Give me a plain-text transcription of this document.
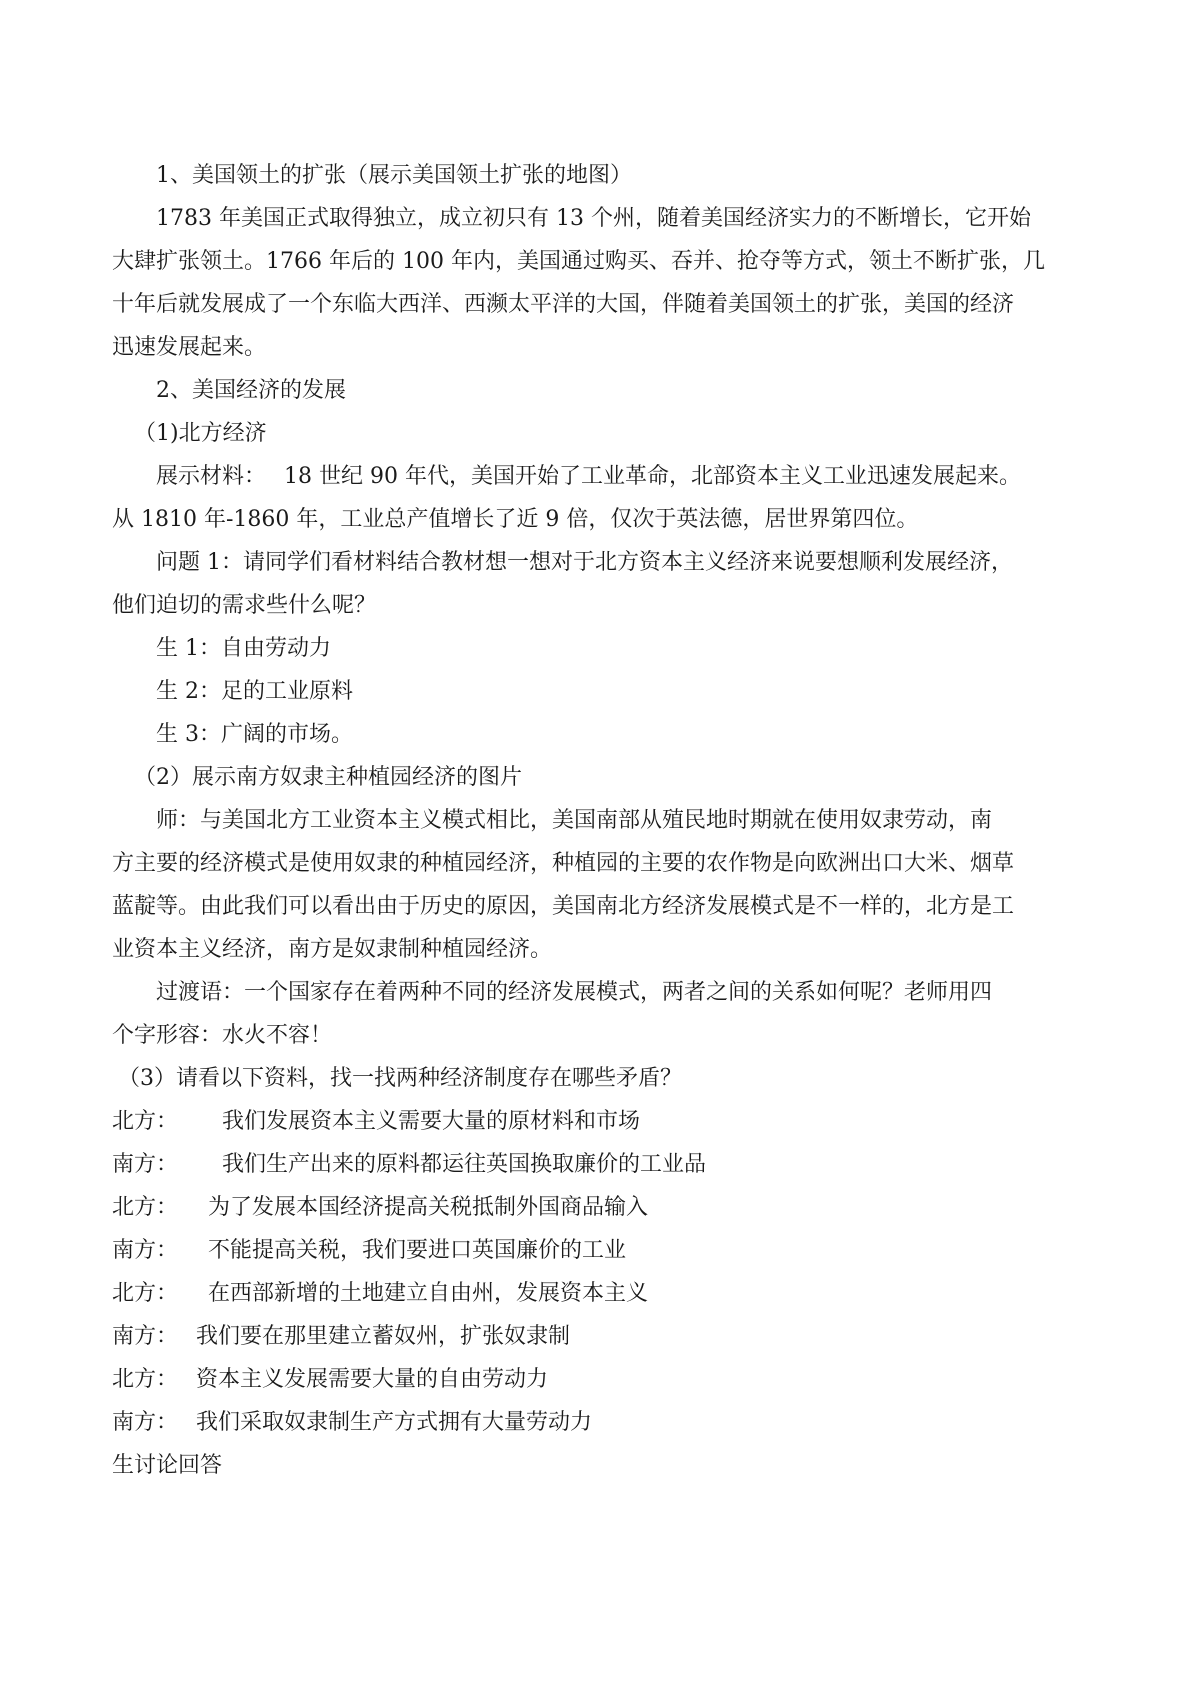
1、美国领土的扩张（展示美国领土扩张的地图）

1783 年美国正式取得独立，成立初只有 13 个州，随着美国经济实力的不断增长，它开始

大肆扩张领土。1766 年后的 100 年内，美国通过购买、吞并、抢夺等方式，领土不断扩张，几

十年后就发展成了一个东临大西洋、西濒太平洋的大国，伴随着美国领土的扩张，美国的经济

迅速发展起来。

2、美国经济的发展

（1)北方经济

展示材料：　 18 世纪 90 年代，美国开始了工业革命，北部资本主义工业迅速发展起来。

从 1810 年-1860 年，工业总产值增长了近 9 倍，仅次于英法德，居世界第四位。

问题 1：请同学们看材料结合教材想一想对于北方资本主义经济来说要想顺利发展经济，

他们迫切的需求些什么呢？

生 1：自由劳动力

生 2：足的工业原料

生 3：广阔的市场。

（2）展示南方奴隶主种植园经济的图片

师：与美国北方工业资本主义模式相比，美国南部从殖民地时期就在使用奴隶劳动，南

方主要的经济模式是使用奴隶的种植园经济，种植园的主要的农作物是向欧洲出口大米、烟草

蓝靛等。由此我们可以看出由于历史的原因，美国南北方经济发展模式是不一样的，北方是工

业资本主义经济，南方是奴隶制种植园经济。

过渡语：一个国家存在着两种不同的经济发展模式，两者之间的关系如何呢？老师用四

个字形容：水火不容！

（3）请看以下资料，找一找两种经济制度存在哪些矛盾？

北方： 我们发展资本主义需要大量的原材料和市场

南方： 我们生产出来的原料都运往英国换取廉价的工业品

北方： 为了发展本国经济提高关税抵制外国商品输入

南方： 不能提高关税，我们要进口英国廉价的工业

北方： 在西部新增的土地建立自由州，发展资本主义

南方： 我们要在那里建立蓄奴州，扩张奴隶制

北方： 资本主义发展需要大量的自由劳动力

南方： 我们采取奴隶制生产方式拥有大量劳动力

生讨论回答
